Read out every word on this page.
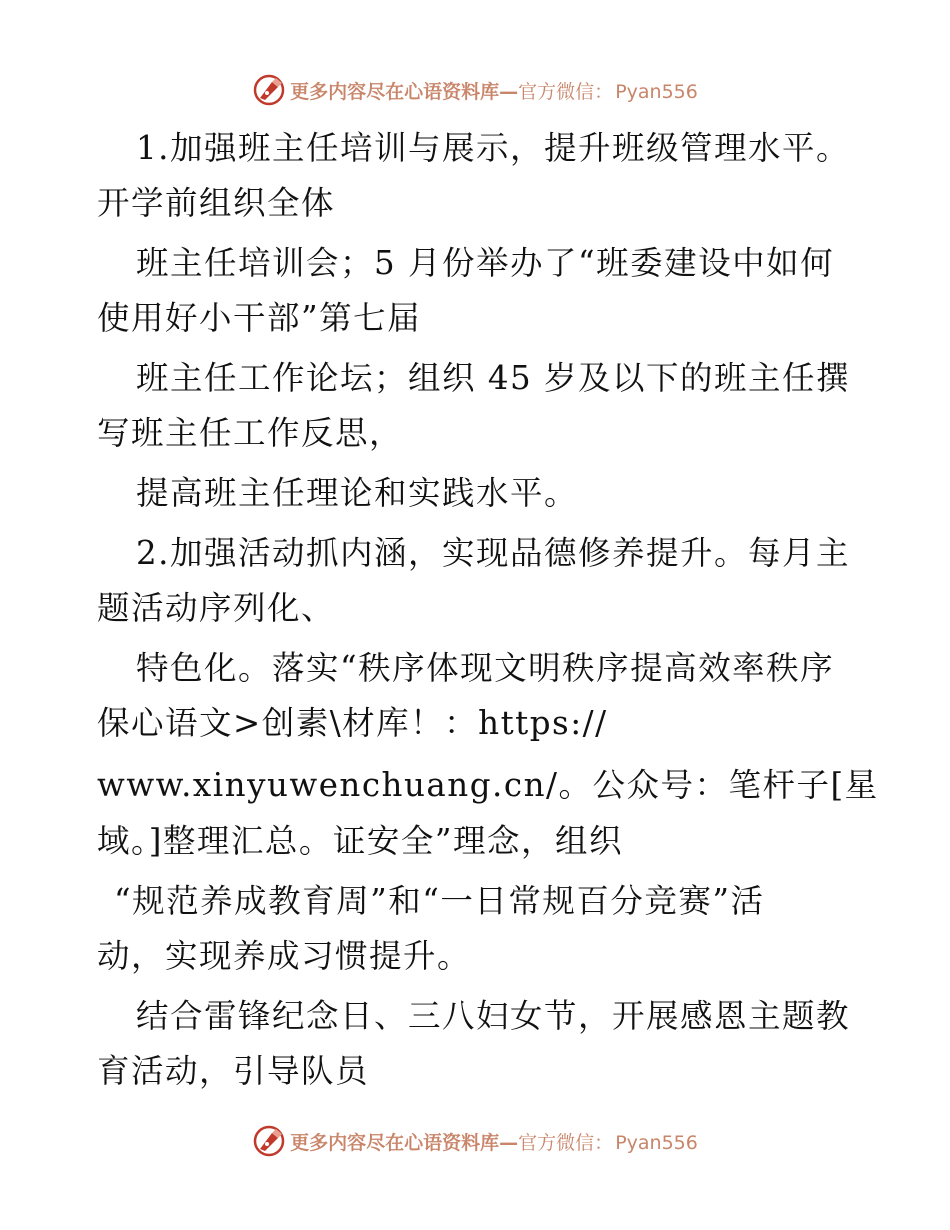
更多内容尽在心语资料库—官方微信： Pyan556
1.加强班主任培训与展示，提升班级管理水平。
开学前组织全体
班主任培训会；5 月份举办了“班委建设中如何
使用好小干部”第七届
班主任工作论坛；组织 45 岁及以下的班主任撰
写班主任工作反思，
提高班主任理论和实践水平。
2.加强活动抓内涵，实现品德修养提升。每月主
题活动序列化、
特色化。落实“秩序体现文明秩序提高效率秩序
保心语文>创素\材库！：https://
www.xinyuwenchuang.cn/。公众号：笔杆子[星
域。]整理汇总。证安全”理念，组织
“规范养成教育周”和“一日常规百分竞赛”活
动，实现养成习惯提升。
结合雷锋纪念日、三八妇女节，开展感恩主题教
育活动，引导队员
更多内容尽在心语资料库—官方微信： Pyan556
